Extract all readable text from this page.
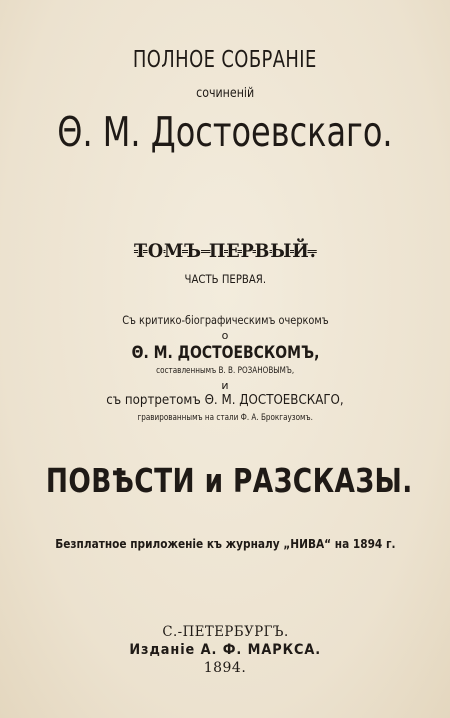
ПОЛНОЕ СОБРАНІЕ
сочиненій
Θ. М. Достоевскаго.
ТОМЪ ПЕРВЫЙ.
ЧАСТЬ ПЕРВАЯ.
Съ критико-біографическимъ очеркомъ
о
Θ. М. ДОСТОЕВСКОМЪ,
составленнымъ В. В. РОЗАНОВЫМЪ,
и
съ портретомъ Θ. М. ДОСТОЕВСКАГО,
гравированнымъ на стали Ф. А. Брокгаузомъ.
ПОВѢСТИ и РАЗСКАЗЫ.
Безплатное приложеніе къ журналу „НИВА“ на 1894 г.
С.-ПЕТЕРБУРГЪ.
Изданіе А. Ф. МАРКСА.
1894.
